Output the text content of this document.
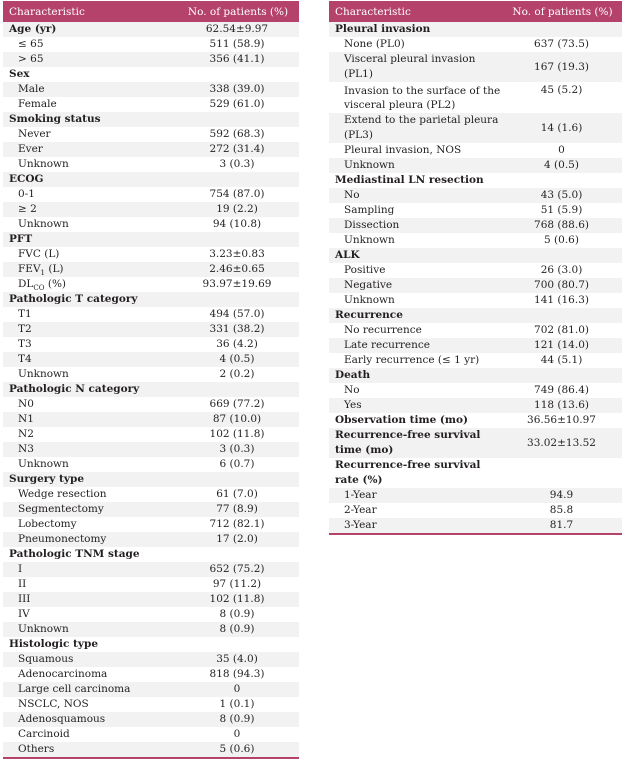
Characteristic	No. of patients (%)
Age (yr)	62.54±9.97
≤ 65	511 (58.9)
> 65	356 (41.1)
Sex	
Male	338 (39.0)
Female	529 (61.0)
Smoking status	
Never	592 (68.3)
Ever	272 (31.4)
Unknown	3 (0.3)
ECOG	
0-1	754 (87.0)
≥ 2	19 (2.2)
Unknown	94 (10.8)
PFT	
FVC (L)	3.23±0.83
$FEV_1$ (L)	2.46±0.65
$DL_{CO}$ (%)	93.97±19.69
Pathologic T category	
T1	494 (57.0)
T2	331 (38.2)
T3	36 (4.2)
T4	4 (0.5)
Unknown	2 (0.2)
Pathologic N category	
N0	669 (77.2)
N1	87 (10.0)
N2	102 (11.8)
N3	3 (0.3)
Unknown	6 (0.7)
Surgery type	
Wedge resection	61 (7.0)
Segmentectomy	77 (8.9)
Lobectomy	712 (82.1)
Pneumonectomy	17 (2.0)
Pathologic TNM stage	
I	652 (75.2)
II	97 (11.2)
III	102 (11.8)
IV	8 (0.9)
Unknown	8 (0.9)
Histologic type	
Squamous	35 (4.0)
Adenocarcinoma	818 (94.3)
Large cell carcinoma	0
NSCLC, NOS	1 (0.1)
Adenosquamous	8 (0.9)
Carcinoid	0
Others	5 (0.6)
Characteristic	No. of patients (%)
Pleural invasion	
None (PL0)	637 (73.5)
Visceral pleural invasion (PL1)	167 (19.3)
Invasion to the surface of the visceral pleura (PL2)	45 (5.2)
Extend to the parietal pleura (PL3)	14 (1.6)
Pleural invasion, NOS	0
Unknown	4 (0.5)
Mediastinal LN resection	
No	43 (5.0)
Sampling	51 (5.9)
Dissection	768 (88.6)
Unknown	5 (0.6)
ALK	
Positive	26 (3.0)
Negative	700 (80.7)
Unknown	141 (16.3)
Recurrence	
No recurrence	702 (81.0)
Late recurrence	121 (14.0)
Early recurrence (≤ 1 yr)	44 (5.1)
Death	
No	749 (86.4)
Yes	118 (13.6)
Observation time (mo)	36.56±10.97
Recurrence-free survival time (mo)	33.02±13.52
Recurrence-free survival rate (%)	
1-Year	94.9
2-Year	85.8
3-Year	81.7
